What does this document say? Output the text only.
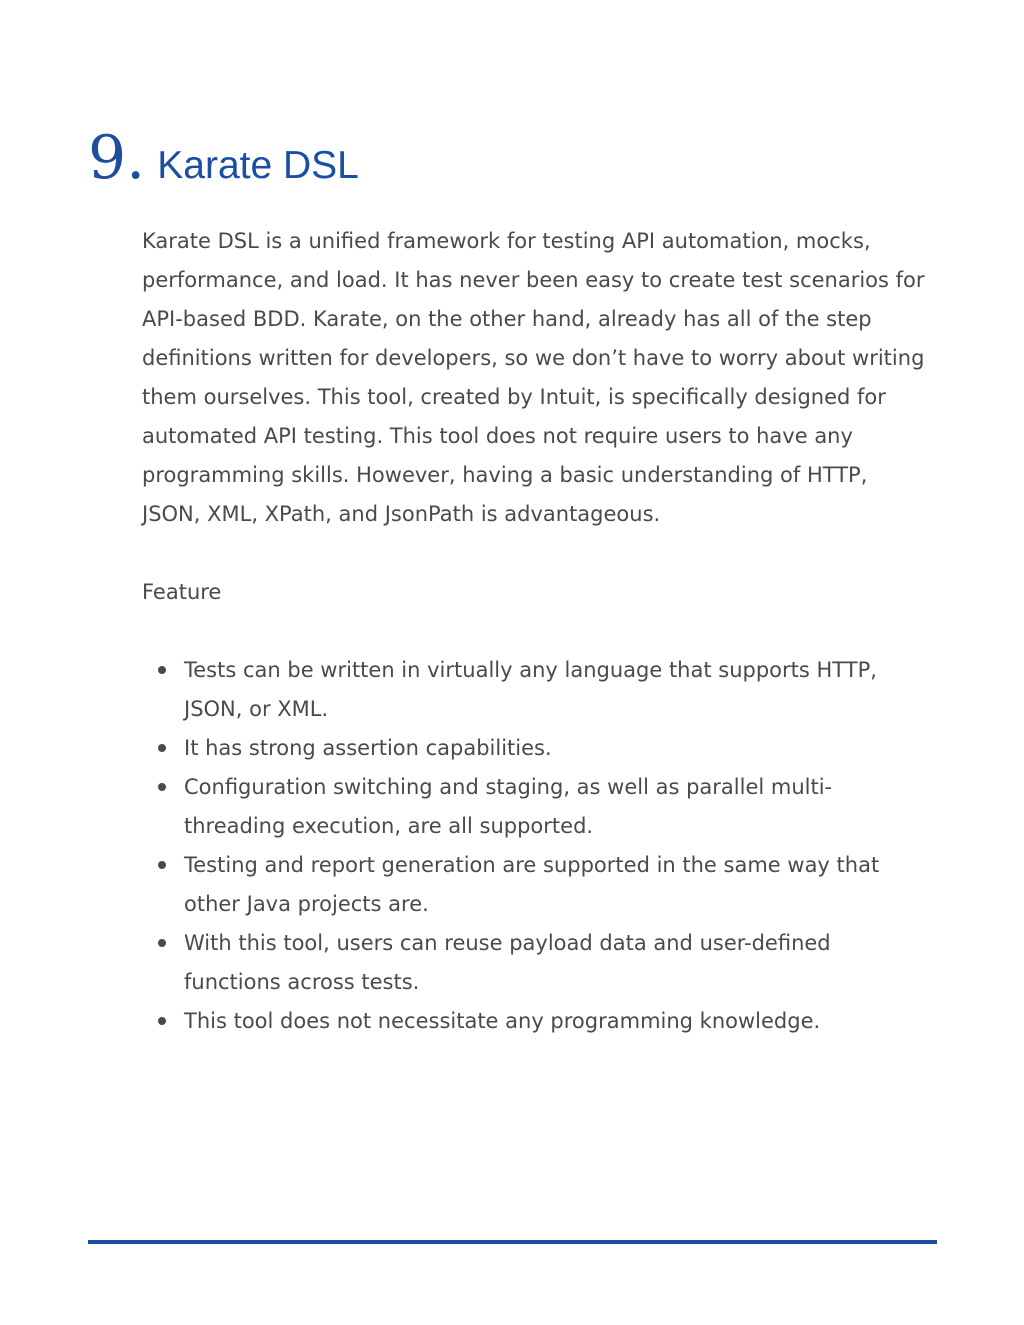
9. Karate DSL

Karate DSL is a unified framework for testing API automation, mocks, performance, and load. It has never been easy to create test scenarios for API-based BDD. Karate, on the other hand, already has all of the step definitions written for developers, so we don’t have to worry about writing them ourselves. This tool, created by Intuit, is specifically designed for automated API testing. This tool does not require users to have any programming skills. However, having a basic understanding of HTTP, JSON, XML, XPath, and JsonPath is advantageous.

Feature

Tests can be written in virtually any language that supports HTTP, JSON, or XML.
It has strong assertion capabilities.
Configuration switching and staging, as well as parallel multi-threading execution, are all supported.
Testing and report generation are supported in the same way that other Java projects are.
With this tool, users can reuse payload data and user-defined functions across tests.
This tool does not necessitate any programming knowledge.
